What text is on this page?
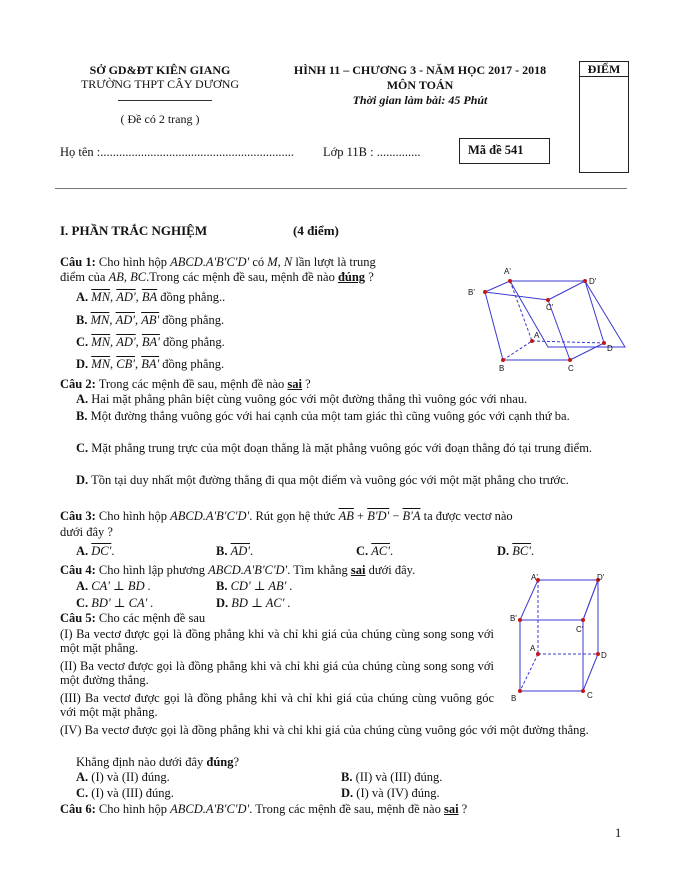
SỞ GD&ĐT KIÊN GIANG
TRƯỜNG THPT CÂY DƯƠNG
( Đề có 2 trang )
HÌNH 11 – CHƯƠNG 3 - NĂM HỌC 2017 - 2018
MÔN TOÁN
Thời gian làm bài: 45 Phút
ĐIỂM
Họ tên :.............................................................. Lớp 11B : ..............	Mã đề 541
I. PHẦN TRẮC NGHIỆM	(4 điểm)
Câu 1: Cho hình hộp ABCD.A'B'C'D' có M, N lần lượt là trung
điểm của AB, BC.Trong các mệnh đề sau, mệnh đề nào đúng ?
A. $\overline{MN}$, AD', $\overline{BA}$ đồng phẳng..
B. $\overline{MN}$, AD', AB' đồng phẳng.
C. $\overline{MN}$, AD', BA' đồng phẳng.
D. $\overline{MN}$, CB', BA' đồng phẳng.
A'
D'
B'
C'
A
D
B	C
Câu 2: Trong các mệnh đề sau, mệnh đề nào sai ?
A. Hai mặt phẳng phân biệt cùng vuông góc với một đường thẳng thì vuông góc với nhau.
B. Một đường thẳng vuông góc với hai cạnh của một tam giác thì cũng vuông góc với cạnh thứ ba.
C. Mặt phẳng trung trực của một đoạn thẳng là mặt phẳng vuông góc với đoạn thẳng đó tại trung điểm.
D. Tồn tại duy nhất một đường thẳng đi qua một điểm và vuông góc với một mặt phẳng cho trước.
Câu 3: Cho hình hộp ABCD.A'B'C'D'. Rút gọn hệ thức $\overline{AB} + B'D' - B'A$ ta được vectơ nào
dưới đây ?
A. DC'.	B. AD'.	C. AC'.	D. BC'.
Câu 4: Cho hình lập phương ABCD.A'B'C'D'. Tìm khẳng sai dưới đây.
A. CA' ⊥ BD .	B. CD' ⊥ AB' .
C. BD' ⊥ CA' .	D. BD ⊥ AC' .
A'	D'
B'
C'
A
D
B	C
Câu 5: Cho các mệnh đề sau
(I) Ba vectơ được gọi là đồng phẳng khi và chỉ khi giá của chúng cùng song song với một mặt phẳng.
(II) Ba vectơ được gọi là đồng phẳng khi và chỉ khi giá của chúng cùng song song với một đường thẳng.
(III) Ba vectơ được gọi là đồng phẳng khi và chỉ khi giá của chúng cùng vuông góc với một mặt phẳng.
(IV) Ba vectơ được gọi là đồng phẳng khi và chỉ khi giá của chúng cùng vuông góc với một đường thẳng.
Khẳng định nào dưới đây đúng?
A. (I) và (II) đúng.	B. (II) và (III) đúng.
C. (I) và (III) đúng.	D. (I) và (IV) đúng.
Câu 6: Cho hình hộp ABCD.A'B'C'D'. Trong các mệnh đề sau, mệnh đề nào sai ?
1
